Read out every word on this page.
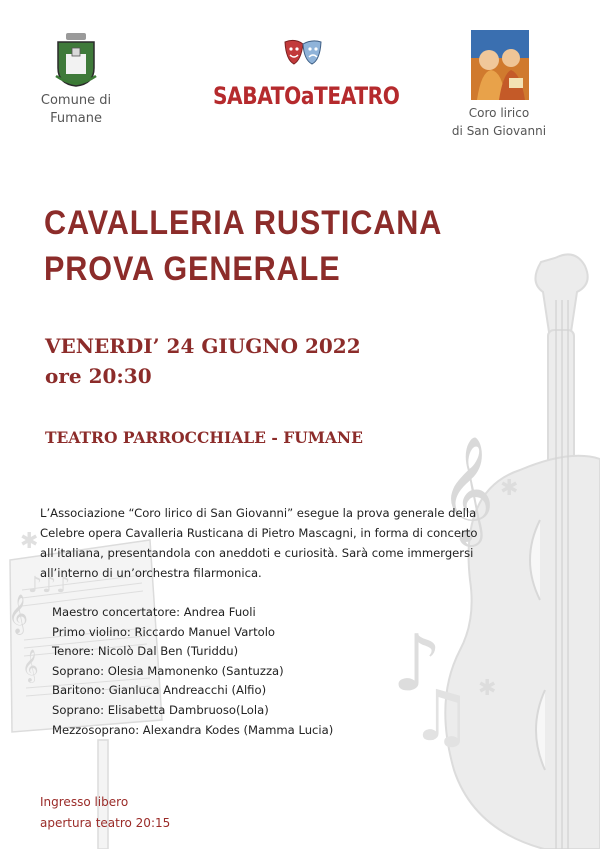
𝄞
♪
♫
✱
✱
✱
𝄞
𝄞
♪♪♪
Comune di
Fumane
SABATOaTEATRO
Coro lirico
di San Giovanni
CAVALLERIA RUSTICANA
PROVA GENERALE
VENERDI’ 24 GIUGNO 2022
ore 20:30
TEATRO PARROCCHIALE - FUMANE
L’Associazione “Coro lirico di San Giovanni” esegue la prova generale della
Celebre opera Cavalleria Rusticana di Pietro Mascagni, in forma di concerto
all’italiana, presentandola con aneddoti e curiosità. Sarà come immergersi
all’interno di un’orchestra filarmonica.
Maestro concertatore: Andrea Fuoli
Primo violino: Riccardo Manuel Vartolo
Tenore: Nicolò Dal Ben (Turiddu)
Soprano: Olesia Mamonenko (Santuzza)
Baritono: Gianluca Andreacchi (Alfio)
Soprano: Elisabetta Dambruoso(Lola)
Mezzosoprano: Alexandra Kodes (Mamma Lucia)
Ingresso libero
apertura teatro 20:15
